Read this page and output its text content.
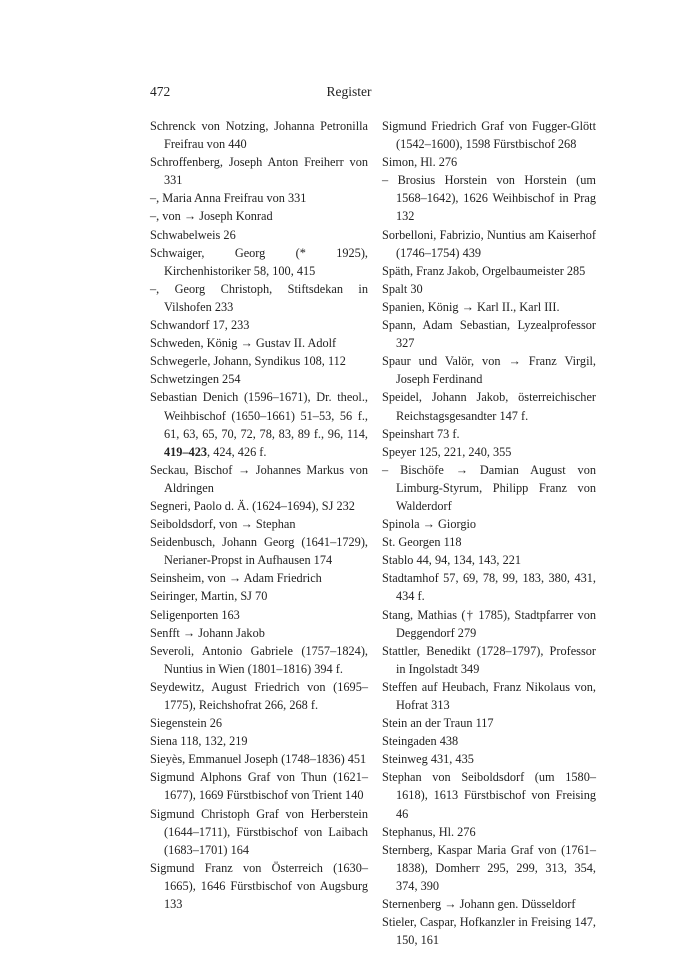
472	Register
Schrenck von Notzing, Johanna Petronilla Freifrau von 440
Schroffenberg, Joseph Anton Freiherr von 331
–, Maria Anna Freifrau von 331
–, von → Joseph Konrad
Schwabelweis 26
Schwaiger, Georg (* 1925), Kirchenhistoriker 58, 100, 415
–, Georg Christoph, Stiftsdekan in Vilshofen 233
Schwandorf 17, 233
Schweden, König → Gustav II. Adolf
Schwegerle, Johann, Syndikus 108, 112
Schwetzingen 254
Sebastian Denich (1596–1671), Dr. theol., Weihbischof (1650–1661) 51–53, 56 f., 61, 63, 65, 70, 72, 78, 83, 89 f., 96, 114, 419–423, 424, 426 f.
Seckau, Bischof → Johannes Markus von Aldringen
Segneri, Paolo d. Ä. (1624–1694), SJ 232
Seiboldsdorf, von → Stephan
Seidenbusch, Johann Georg (1641–1729), Nerianer-Propst in Aufhausen 174
Seinsheim, von → Adam Friedrich
Seiringer, Martin, SJ 70
Seligenporten 163
Senfft → Johann Jakob
Severoli, Antonio Gabriele (1757–1824), Nuntius in Wien (1801–1816) 394 f.
Seydewitz, August Friedrich von (1695–1775), Reichshofrat 266, 268 f.
Siegenstein 26
Siena 118, 132, 219
Sieyès, Emmanuel Joseph (1748–1836) 451
Sigmund Alphons Graf von Thun (1621–1677), 1669 Fürstbischof von Trient 140
Sigmund Christoph Graf von Herberstein (1644–1711), Fürstbischof von Laibach (1683–1701) 164
Sigmund Franz von Österreich (1630–1665), 1646 Fürstbischof von Augsburg 133
Sigmund Friedrich Graf von Fugger-Glött (1542–1600), 1598 Fürstbischof 268
Simon, Hl. 276
– Brosius Horstein von Horstein (um 1568–1642), 1626 Weihbischof in Prag 132
Sorbelloni, Fabrizio, Nuntius am Kaiserhof (1746–1754) 439
Späth, Franz Jakob, Orgelbaumeister 285
Spalt 30
Spanien, König → Karl II., Karl III.
Spann, Adam Sebastian, Lyzealprofessor 327
Spaur und Valör, von → Franz Virgil, Joseph Ferdinand
Speidel, Johann Jakob, österreichischer Reichstagsgesandter 147 f.
Speinshart 73 f.
Speyer 125, 221, 240, 355
– Bischöfe → Damian August von Limburg-Styrum, Philipp Franz von Walderdorf
Spinola → Giorgio
St. Georgen 118
Stablo 44, 94, 134, 143, 221
Stadtamhof 57, 69, 78, 99, 183, 380, 431, 434 f.
Stang, Mathias († 1785), Stadtpfarrer von Deggendorf 279
Stattler, Benedikt (1728–1797), Professor in Ingolstadt 349
Steffen auf Heubach, Franz Nikolaus von, Hofrat 313
Stein an der Traun 117
Steingaden 438
Steinweg 431, 435
Stephan von Seiboldsdorf (um 1580–1618), 1613 Fürstbischof von Freising 46
Stephanus, Hl. 276
Sternberg, Kaspar Maria Graf von (1761–1838), Domherr 295, 299, 313, 354, 374, 390
Sternenberg → Johann gen. Düsseldorf
Stieler, Caspar, Hofkanzler in Freising 147, 150, 161
